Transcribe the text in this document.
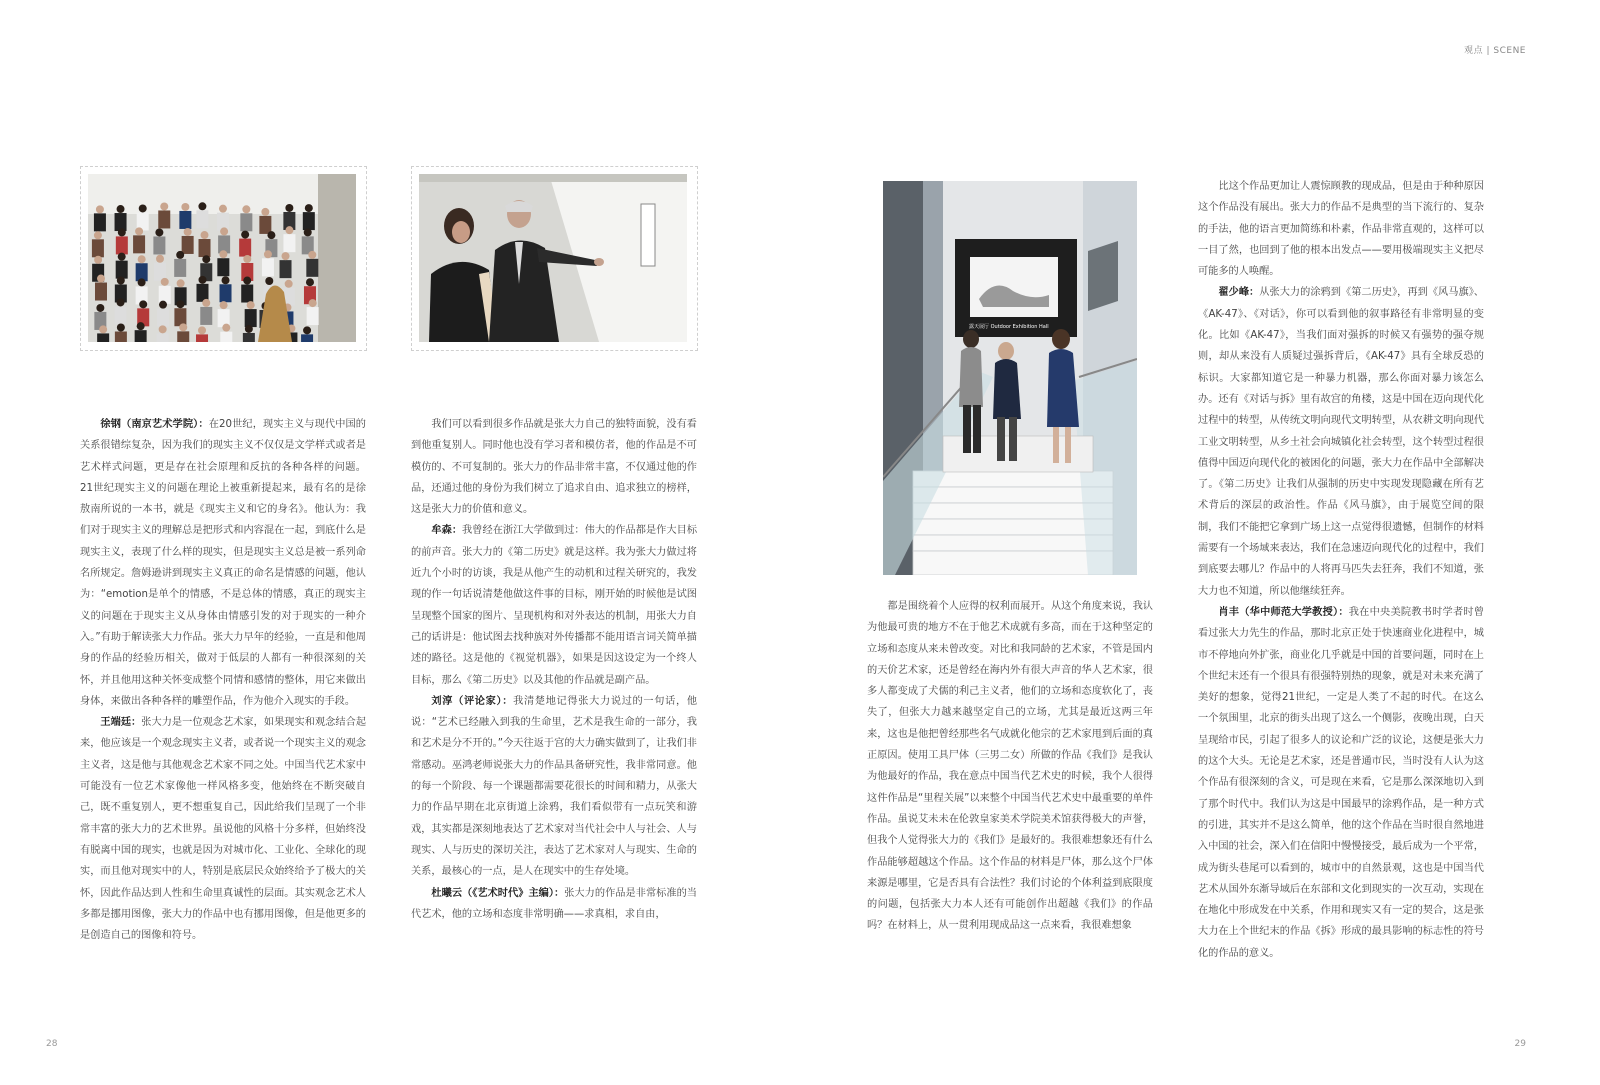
观点 | SCENE
露天展厅 Outdoor Exhibition Hall

徐钢（南京艺术学院）：在20世纪，现实主义与现代中国的关系很错综复杂，因为我们的现实主义不仅仅是文学样式或者是艺术样式问题，更是存在社会原理和反抗的各种各样的问题。21世纪现实主义的问题在理论上被重新提起来，最有名的是徐敖南所说的一本书，就是《现实主义和它的身名》。他认为：我们对于现实主义的理解总是把形式和内容混在一起，到底什么是现实主义，表现了什么样的现实，但是现实主义总是被一系列命名所规定。詹姆逊讲到现实主义真正的命名是情感的问题，他认为：“emotion是单个的情感，不是总体的情感，真正的现实主义的问题在于现实主义从身体由情感引发的对于现实的一种介入。”有助于解读张大力作品。张大力早年的经验，一直是和他周身的作品的经验历相关，做对于低层的人都有一种很深刻的关怀，并且他用这种关怀变成整个同情和感情的整体，用它来做出身体，来做出各种各样的雕塑作品，作为他介入现实的手段。

王端廷：张大力是一位观念艺术家，如果现实和观念结合起来，他应该是一个观念现实主义者，或者说一个现实主义的观念主义者，这是他与其他观念艺术家不同之处。中国当代艺术家中可能没有一位艺术家像他一样风格多变，他始终在不断突破自己，既不重复别人，更不想重复自己，因此给我们呈现了一个非常丰富的张大力的艺术世界。虽说他的风格十分多样，但始终没有脱离中国的现实，也就是因为对城市化、工业化、全球化的现实，而且他对现实中的人，特别是底层民众始终给予了极大的关怀，因此作品达到人性和生命里真诚性的层面。其实观念艺术人多都是挪用图像，张大力的作品中也有挪用图像，但是他更多的是创造自己的图像和符号。

我们可以看到很多作品就是张大力自己的独特面貌，没有看到他重复别人。同时他也没有学习者和模仿者，他的作品是不可模仿的、不可复制的。张大力的作品非常丰富，不仅通过他的作品，还通过他的身份为我们树立了追求自由、追求独立的榜样，这是张大力的价值和意义。

牟森：我曾经在浙江大学做到过：伟大的作品都是作大目标的前声音。张大力的《第二历史》就是这样。我为张大力做过将近九个小时的访谈，我是从他产生的动机和过程关研究的，我发现的作一句话说清楚他做这件事的目标，刚开始的时候他是试图呈现整个国家的图片、呈现机构和对外表达的机制，用张大力自己的话讲是：他试图去找种族对外传播都不能用语言词关简单描述的路径。这是他的《视觉机器》，如果是因这设定为一个终人目标，那么《第二历史》以及其他的作品就是副产品。

刘淳（评论家）：我清楚地记得张大力说过的一句话，他说：“艺术已经融入到我的生命里，艺术是我生命的一部分，我和艺术是分不开的。”今天往返于宫的大力确实做到了，让我们非常感动。巫鸿老师说张大力的作品具备研究性，我非常同意。他的每一个阶段、每一个课题都需要花很长的时间和精力，从张大力的作品早期在北京街道上涂鸦，我们看似带有一点玩笑和游戏，其实都是深刻地表达了艺术家对当代社会中人与社会、人与现实、人与历史的深切关注，表达了艺术家对人与现实、生命的关系，最核心的一点，是人在现实中的生存处境。

杜曦云（《艺术时代》主编）：张大力的作品是非常标准的当代艺术，他的立场和态度非常明确——求真相，求自由，

都是围绕着个人应得的权利而展开。从这个角度来说，我认为他最可贵的地方不在于他艺术成就有多高，而在于这种坚定的立场和态度从来未曾改变。对比和我同龄的艺术家，不管是国内的天价艺术家，还是曾经在海内外有很大声音的华人艺术家，很多人都变成了犬儒的利己主义者，他们的立场和态度软化了，丧失了，但张大力越来越坚定自己的立场，尤其是最近这两三年来，这也是他把曾经那些名气成就化他宗的艺术家甩到后面的真正原因。使用工具尸体（三男二女）所做的作品《我们》是我认为他最好的作品，我在意点中国当代艺术史的时候，我个人很得这件作品是“里程关展”以来整个中国当代艺术史中最重要的单件作品。虽说艾未未在伦敦皇家美术学院美术馆获得极大的声誉，但我个人觉得张大力的《我们》是最好的。我很难想象还有什么作品能够超越这个作品。这个作品的材料是尸体，那么这个尸体来源是哪里，它是否具有合法性？我们讨论的个体利益到底限度的问题，包括张大力本人还有可能创作出超越《我们》的作品吗？在材料上，从一贯利用现成品这一点来看，我很难想象

比这个作品更加让人震惊顾教的现成品，但是由于种种原因这个作品没有展出。张大力的作品不是典型的当下流行的、复杂的手法，他的语言更加简练和朴素，作品非常直观的，这样可以一目了然，也回到了他的根本出发点——要用极端现实主义把尽可能多的人唤醒。

翟少峰：从张大力的涂鸦到《第二历史》，再到《风马旗》、《AK-47》、《对话》，你可以看到他的叙事路径有非常明显的变化。比如《AK-47》，当我们面对强拆的时候又有强势的强夺规则，却从来没有人质疑过强拆背后，《AK-47》具有全球反恐的标识。大家都知道它是一种暴力机器，那么你面对暴力该怎么办。还有《对话与拆》里有故宫的角楼，这是中国在迈向现代化过程中的转型，从传统文明向现代文明转型，从农耕文明向现代工业文明转型，从乡土社会向城镇化社会转型，这个转型过程很值得中国迈向现代化的被困化的问题，张大力在作品中全部解决了。《第二历史》让我们从强制的历史中实现发现隐藏在所有艺术背后的深层的政治性。作品《风马旗》，由于展览空间的限制，我们不能把它拿到广场上这一点觉得很遗憾，但制作的材料需要有一个场域来表达，我们在急速迈向现代化的过程中，我们到底要去哪儿？作品中的人将再马匹失去狂奔，我们不知道，张大力也不知道，所以他继续狂奔。

肖丰（华中师范大学教授）：我在中央美院教书时学者时曾看过张大力先生的作品，那时北京正处于快速商业化进程中，城市不停地向外扩张，商业化几乎就是中国的首要问题，同时在上个世纪末还有一个很具有很强特别热的现象，就是对未来充满了美好的想象，觉得21世纪，一定是人类了不起的时代。在这么一个氛围里，北京的街头出现了这么一个侧影，夜晚出现，白天呈现给市民，引起了很多人的议论和广泛的议论，这便是张大力的这个大头。无论是艺术家，还是普通市民，当时没有人认为这个作品有很深刻的含义，可是现在来看，它是那么深深地切入到了那个时代中。我们认为这是中国最早的涂鸦作品，是一种方式的引进，其实并不是这么简单，他的这个作品在当时很自然地进入中国的社会，深入们在信阳中慢慢接受，最后成为一个平常，成为街头巷尾可以看到的，城市中的自然景观，这也是中国当代艺术从国外东渐导域后在东部和文化到现实的一次互动，实现在在地化中形成发在中关系，作用和现实又有一定的契合，这是张大力在上个世纪末的作品《拆》形成的最具影响的标志性的符号化的作品的意义。

28	29
